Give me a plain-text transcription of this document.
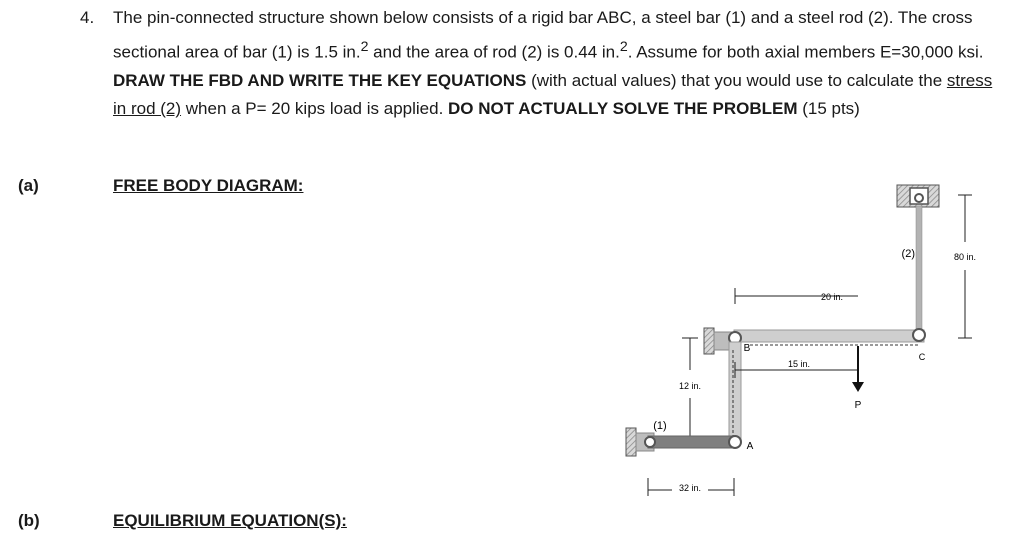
4. The pin-connected structure shown below consists of a rigid bar ABC, a steel bar (1) and a steel rod (2). The cross sectional area of bar (1) is 1.5 in.$^2$ and the area of rod (2) is 0.44 in.$^2$. Assume for both axial members E=30,000 ksi. DRAW THE FBD AND WRITE THE KEY EQUATIONS (with actual values) that you would use to calculate the stress in rod (2) when a P= 20 kips load is applied. DO NOT ACTUALLY SOLVE THE PROBLEM (15 pts)
(a)	FREE BODY DIAGRAM:
(b)	EQUILIBRIUM EQUATION(S):
(2)	80 in.
20 in.
C
B
15 in.
P
12 in.
(1)
A
32 in.
